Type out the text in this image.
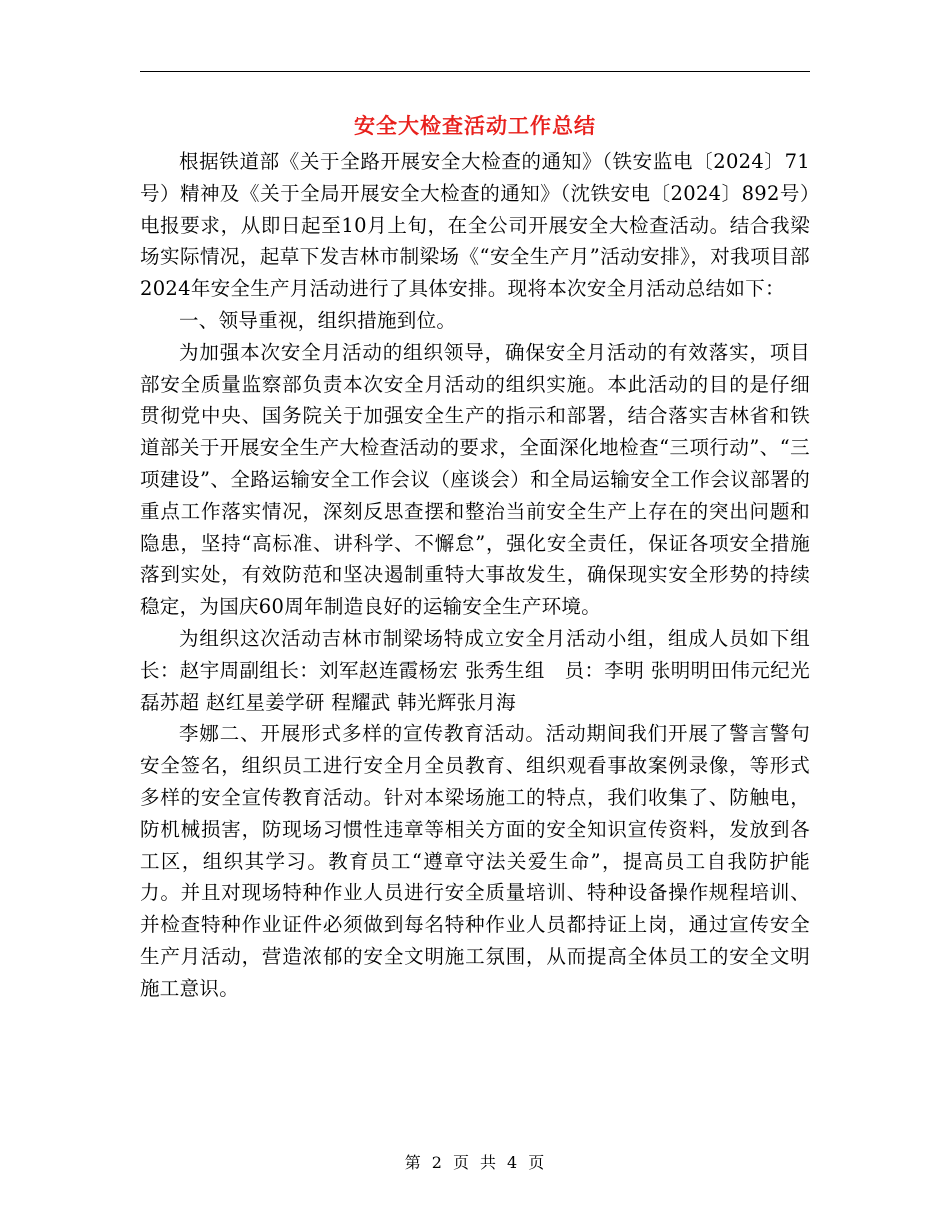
安全大检查活动工作总结

根据铁道部《关于全路开展安全大检查的通知》（铁安监电〔2024〕71号）精神及《关于全局开展安全大检查的通知》（沈铁安电〔2024〕892号）电报要求，从即日起至10月上旬，在全公司开展安全大检查活动。结合我梁场实际情况，起草下发吉林市制梁场《“安全生产月”活动安排》，对我项目部2024年安全生产月活动进行了具体安排。现将本次安全月活动总结如下：

一、领导重视，组织措施到位。

为加强本次安全月活动的组织领导，确保安全月活动的有效落实，项目部安全质量监察部负责本次安全月活动的组织实施。本此活动的目的是仔细贯彻党中央、国务院关于加强安全生产的指示和部署，结合落实吉林省和铁道部关于开展安全生产大检查活动的要求，全面深化地检查“三项行动”、“三项建设”、全路运输安全工作会议（座谈会）和全局运输安全工作会议部署的重点工作落实情况，深刻反思查摆和整治当前安全生产上存在的突出问题和隐患，坚持“高标准、讲科学、不懈怠”，强化安全责任，保证各项安全措施落到实处，有效防范和坚决遏制重特大事故发生，确保现实安全形势的持续稳定，为国庆60周年制造良好的运输安全生产环境。

为组织这次活动吉林市制梁场特成立安全月活动小组，组成人员如下组 长：赵宇周副组长：刘军赵连霞杨宏 张秀生组　员：李明 张明明田伟元纪光磊苏超 赵红星姜学研 程耀武 韩光辉张月海

李娜二、开展形式多样的宣传教育活动。活动期间我们开展了警言警句安全签名，组织员工进行安全月全员教育、组织观看事故案例录像，等形式多样的安全宣传教育活动。针对本梁场施工的特点，我们收集了、防触电，防机械损害，防现场习惯性违章等相关方面的安全知识宣传资料，发放到各工区，组织其学习。教育员工“遵章守法关爱生命”，提高员工自我防护能力。并且对现场特种作业人员进行安全质量培训、特种设备操作规程培训、并检查特种作业证件必须做到每名特种作业人员都持证上岗，通过宣传安全生产月活动，营造浓郁的安全文明施工氛围，从而提高全体员工的安全文明施工意识。

第 2 页 共 4 页
